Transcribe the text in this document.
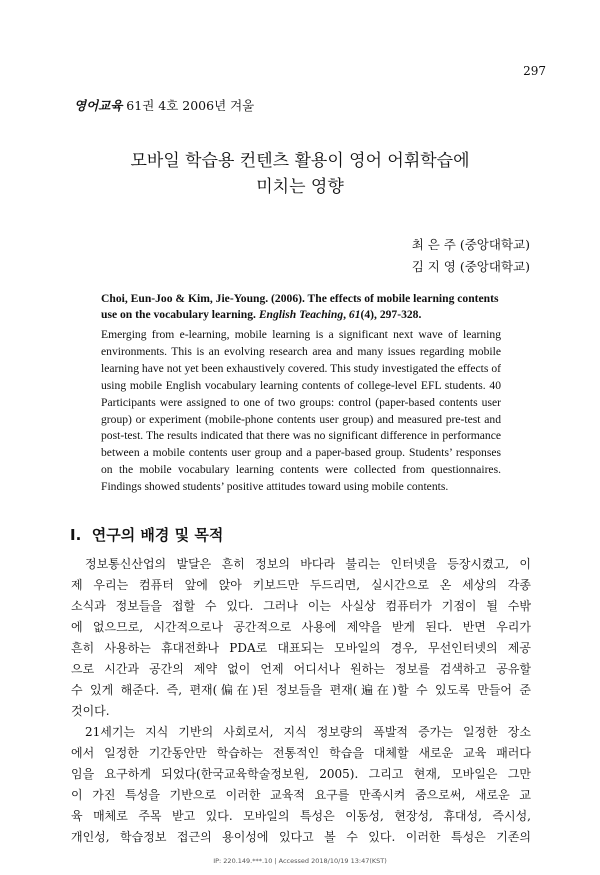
297
영어교육 61권 4호 2006년 겨울
모바일 학습용 컨텐츠 활용이 영어 어휘학습에
미치는 영향
최 은 주 (중앙대학교)
김 지 영 (중앙대학교)
Choi, Eun-Joo & Kim, Jie-Young. (2006). The effects of mobile learning contents
use on the vocabulary learning. English Teaching, 61(4), 297-328.
Emerging from e-learning, mobile learning is a significant next wave of learning environments. This is an evolving research area and many issues regarding mobile learning have not yet been exhaustively covered. This study investigated the effects of using mobile English vocabulary learning contents of college-level EFL students. 40 Participants were assigned to one of two groups: control (paper-based contents user group) or experiment (mobile-phone contents user group) and measured pre-test and post-test. The results indicated that there was no significant difference in performance between a mobile contents user group and a paper-based group. Students’ responses on the mobile vocabulary learning contents were collected from questionnaires. Findings showed students’ positive attitudes toward using mobile contents.
I. 연구의 배경 및 목적
정보통신산업의 발달은 흔히 정보의 바다라 불리는 인터넷을 등장시켰고, 이
제 우리는 컴퓨터 앞에 앉아 키보드만 두드리면, 실시간으로 온 세상의 각종
소식과 정보들을 접할 수 있다. 그러나 이는 사실상 컴퓨터가 기점이 될 수밖
에 없으므로, 시간적으로나 공간적으로 사용에 제약을 받게 된다. 반면 우리가
흔히 사용하는 휴대전화나 PDA로 대표되는 모바일의 경우, 무선인터넷의 제공
으로 시간과 공간의 제약 없이 언제 어디서나 원하는 정보를 검색하고 공유할
수 있게 해준다. 즉, 편재(偏在)된 정보들을 편재(遍在)할 수 있도록 만들어 준
것이다.
21세기는 지식 기반의 사회로서, 지식 정보량의 폭발적 증가는 일정한 장소
에서 일정한 기간동안만 학습하는 전통적인 학습을 대체할 새로운 교육 패러다
임을 요구하게 되었다(한국교육학술정보원, 2005). 그리고 현재, 모바일은 그만
이 가진 특성을 기반으로 이러한 교육적 요구를 만족시켜 줌으로써, 새로운 교
육 매체로 주목 받고 있다. 모바일의 특성은 이동성, 현장성, 휴대성, 즉시성,
개인성, 학습정보 접근의 용이성에 있다고 볼 수 있다. 이러한 특성은 기존의
IP: 220.149.***.10 | Accessed 2018/10/19 13:47(KST)
